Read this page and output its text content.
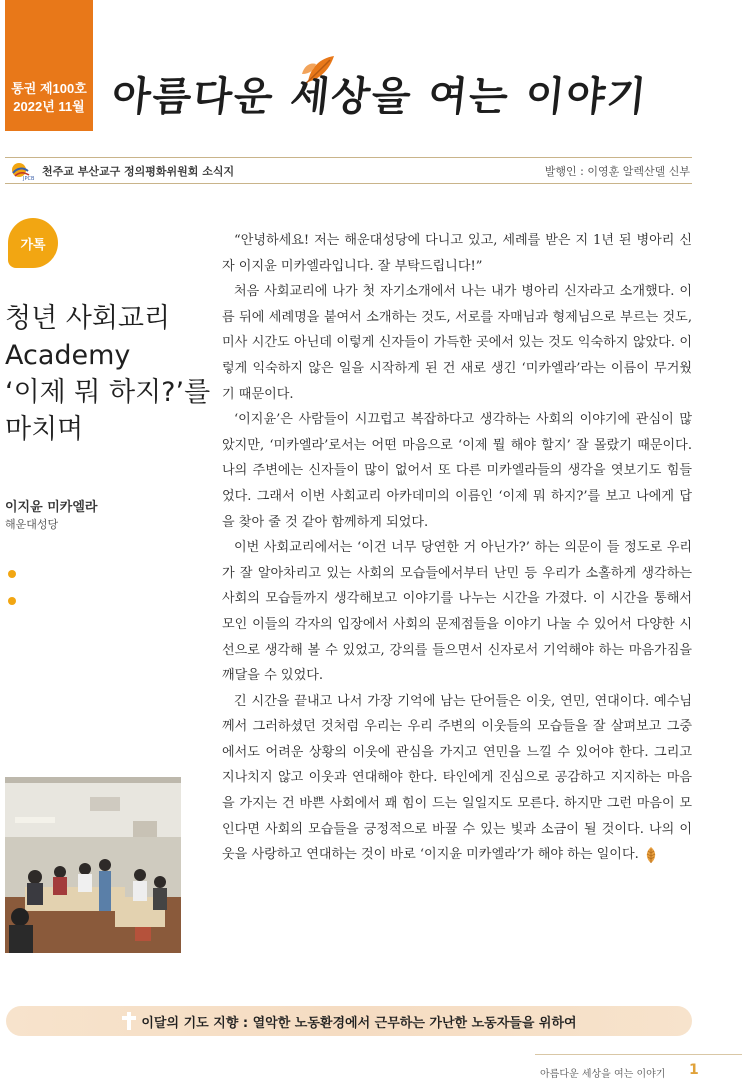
통권 제100호
2022년 11월 아름다운 세상을 여는 이야기
JPCB
천주교 부산교구 정의평화위원회 소식지	발행인 : 이영훈 알렉산델 신부
가톡
청년 사회교리
Academy
‘이제 뭐 하지?’를
마치며
이지윤 미카엘라
해운대성당

“안녕하세요! 저는 해운대성당에 다니고 있고, 세례를 받은 지 1년 된 병아리 신자 이지윤 미카엘라입니다. 잘 부탁드립니다!”

처음 사회교리에 나가 첫 자기소개에서 나는 내가 병아리 신자라고 소개했다. 이름 뒤에 세례명을 붙여서 소개하는 것도, 서로를 자매님과 형제님으로 부르는 것도, 미사 시간도 아닌데 이렇게 신자들이 가득한 곳에서 있는 것도 익숙하지 않았다. 이렇게 익숙하지 않은 일을 시작하게 된 건 새로 생긴 ‘미카엘라’라는 이름이 무거웠기 때문이다.

‘이지윤’은 사람들이 시끄럽고 복잡하다고 생각하는 사회의 이야기에 관심이 많았지만, ‘미카엘라’로서는 어떤 마음으로 ‘이제 뭘 해야 할지’ 잘 몰랐기 때문이다. 나의 주변에는 신자들이 많이 없어서 또 다른 미카엘라들의 생각을 엿보기도 힘들었다. 그래서 이번 사회교리 아카데미의 이름인 ‘이제 뭐 하지?’를 보고 나에게 답을 찾아 줄 것 같아 함께하게 되었다.

이번 사회교리에서는 ‘이건 너무 당연한 거 아닌가?’ 하는 의문이 들 정도로 우리가 잘 알아차리고 있는 사회의 모습들에서부터 난민 등 우리가 소홀하게 생각하는 사회의 모습들까지 생각해보고 이야기를 나누는 시간을 가졌다. 이 시간을 통해서 모인 이들의 각자의 입장에서 사회의 문제점들을 이야기 나눌 수 있어서 다양한 시선으로 생각해 볼 수 있었고, 강의를 들으면서 신자로서 기억해야 하는 마음가짐을 깨달을 수 있었다.

긴 시간을 끝내고 나서 가장 기억에 남는 단어들은 이웃, 연민, 연대이다. 예수님께서 그러하셨던 것처럼 우리는 우리 주변의 이웃들의 모습들을 잘 살펴보고 그중에서도 어려운 상황의 이웃에 관심을 가지고 연민을 느낄 수 있어야 한다. 그리고 지나치지 않고 이웃과 연대해야 한다. 타인에게 진심으로 공감하고 지지하는 마음을 가지는 건 바쁜 사회에서 꽤 힘이 드는 일일지도 모른다. 하지만 그런 마음이 모인다면 사회의 모습들을 긍정적으로 바꿀 수 있는 빛과 소금이 될 것이다. 나의 이웃을 사랑하고 연대하는 것이 바로 ‘이지윤 미카엘라’가 해야 하는 일이다.

이달의 기도 지향 : 열악한 노동환경에서 근무하는 가난한 노동자들을 위하여
아름다운 세상을 여는 이야기 1
